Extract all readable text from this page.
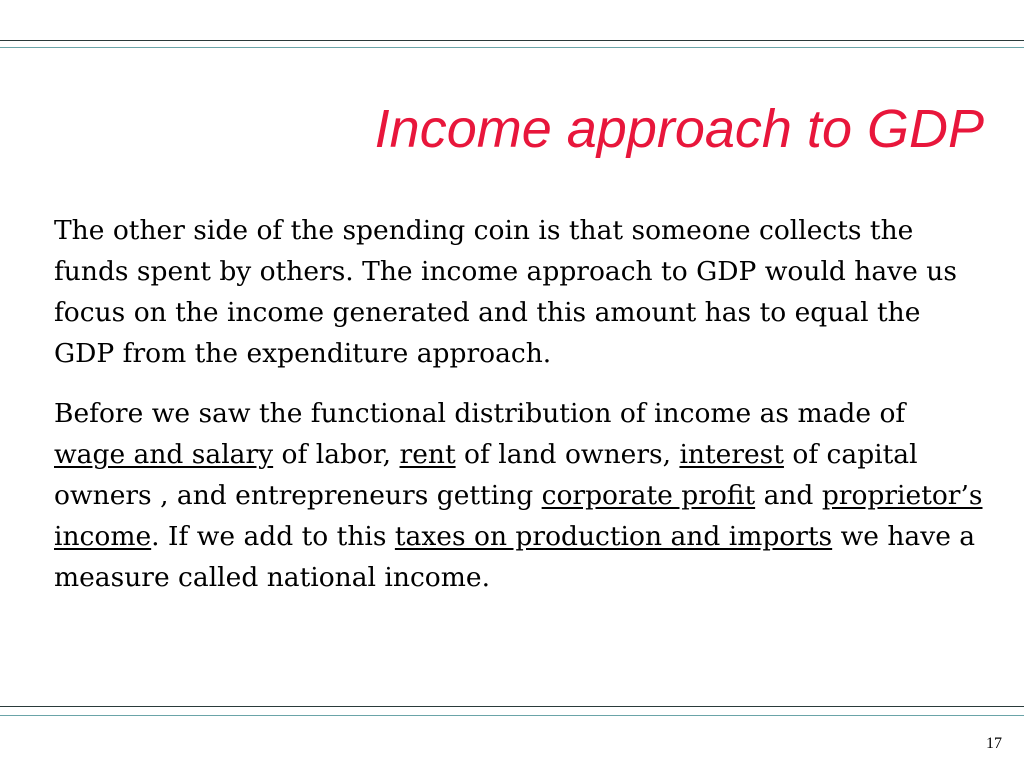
Income approach to GDP

The other side of the spending coin is that someone collects the funds spent by others. The income approach to GDP would have us focus on the income generated and this amount has to equal the GDP from the expenditure approach.

Before we saw the functional distribution of income as made of wage and salary of labor, rent of land owners, interest of capital owners , and entrepreneurs getting corporate profit and proprietor’s income. If we add to this taxes on production and imports we have a measure called national income.

17
